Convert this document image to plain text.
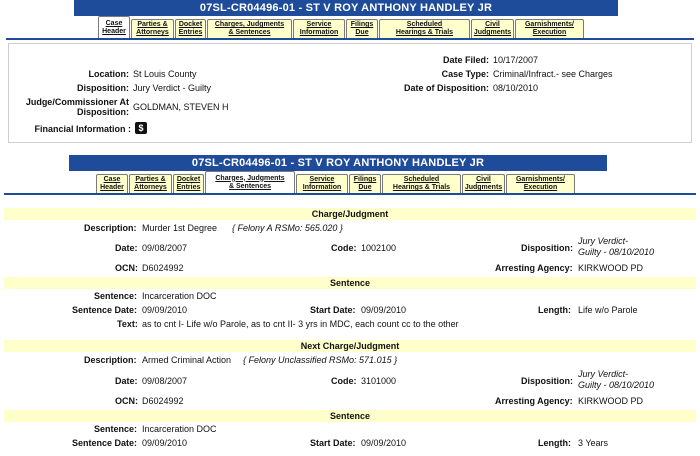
07SL-CR04496-01 - ST V ROY ANTHONY HANDLEY JR
Case
Header
Parties &
Attorneys
Docket
Entries
Charges, Judgments
& Sentences
Service
Information
Filings
Due
Scheduled
Hearings & Trials
Civil
Judgments
Garnishments/
Execution
Location: St Louis County
Disposition: Jury Verdict - Guilty
Judge/Commissioner At
Disposition: GOLDMAN, STEVEN H
Financial Information : $
Date Filed: 10/17/2007
Case Type: Criminal/Infract.- see Charges
Date of Disposition: 08/10/2010
07SL-CR04496-01 - ST V ROY ANTHONY HANDLEY JR
Case
Header
Parties &
Attorneys
Docket
Entries
Charges, Judgments
& Sentences
Service
Information
Filings
Due
Scheduled
Hearings & Trials
Civil
Judgments
Garnishments/
Execution
Charge/Judgment
Description: Murder 1st Degree { Felony A RSMo: 565.020 }
Date: 09/08/2007	Code: 1002100	Disposition:
Jury Verdict-
Guilty - 08/10/2010
OCN: D6024992	Arresting Agency: KIRKWOOD PD
Sentence
Sentence: Incarceration DOC
Sentence Date: 09/09/2010	Start Date: 09/09/2010	Length: Life w/o Parole
Text: as to cnt I- Life w/o Parole, as to cnt II- 3 yrs in MDC, each count cc to the other
Next Charge/Judgment
Description: Armed Criminal Action { Felony Unclassified RSMo: 571.015 }
Date: 09/08/2007	Code: 3101000	Disposition:
Jury Verdict-
Guilty - 08/10/2010
OCN: D6024992	Arresting Agency: KIRKWOOD PD
Sentence
Sentence: Incarceration DOC
Sentence Date: 09/09/2010	Start Date: 09/09/2010	Length: 3 Years
